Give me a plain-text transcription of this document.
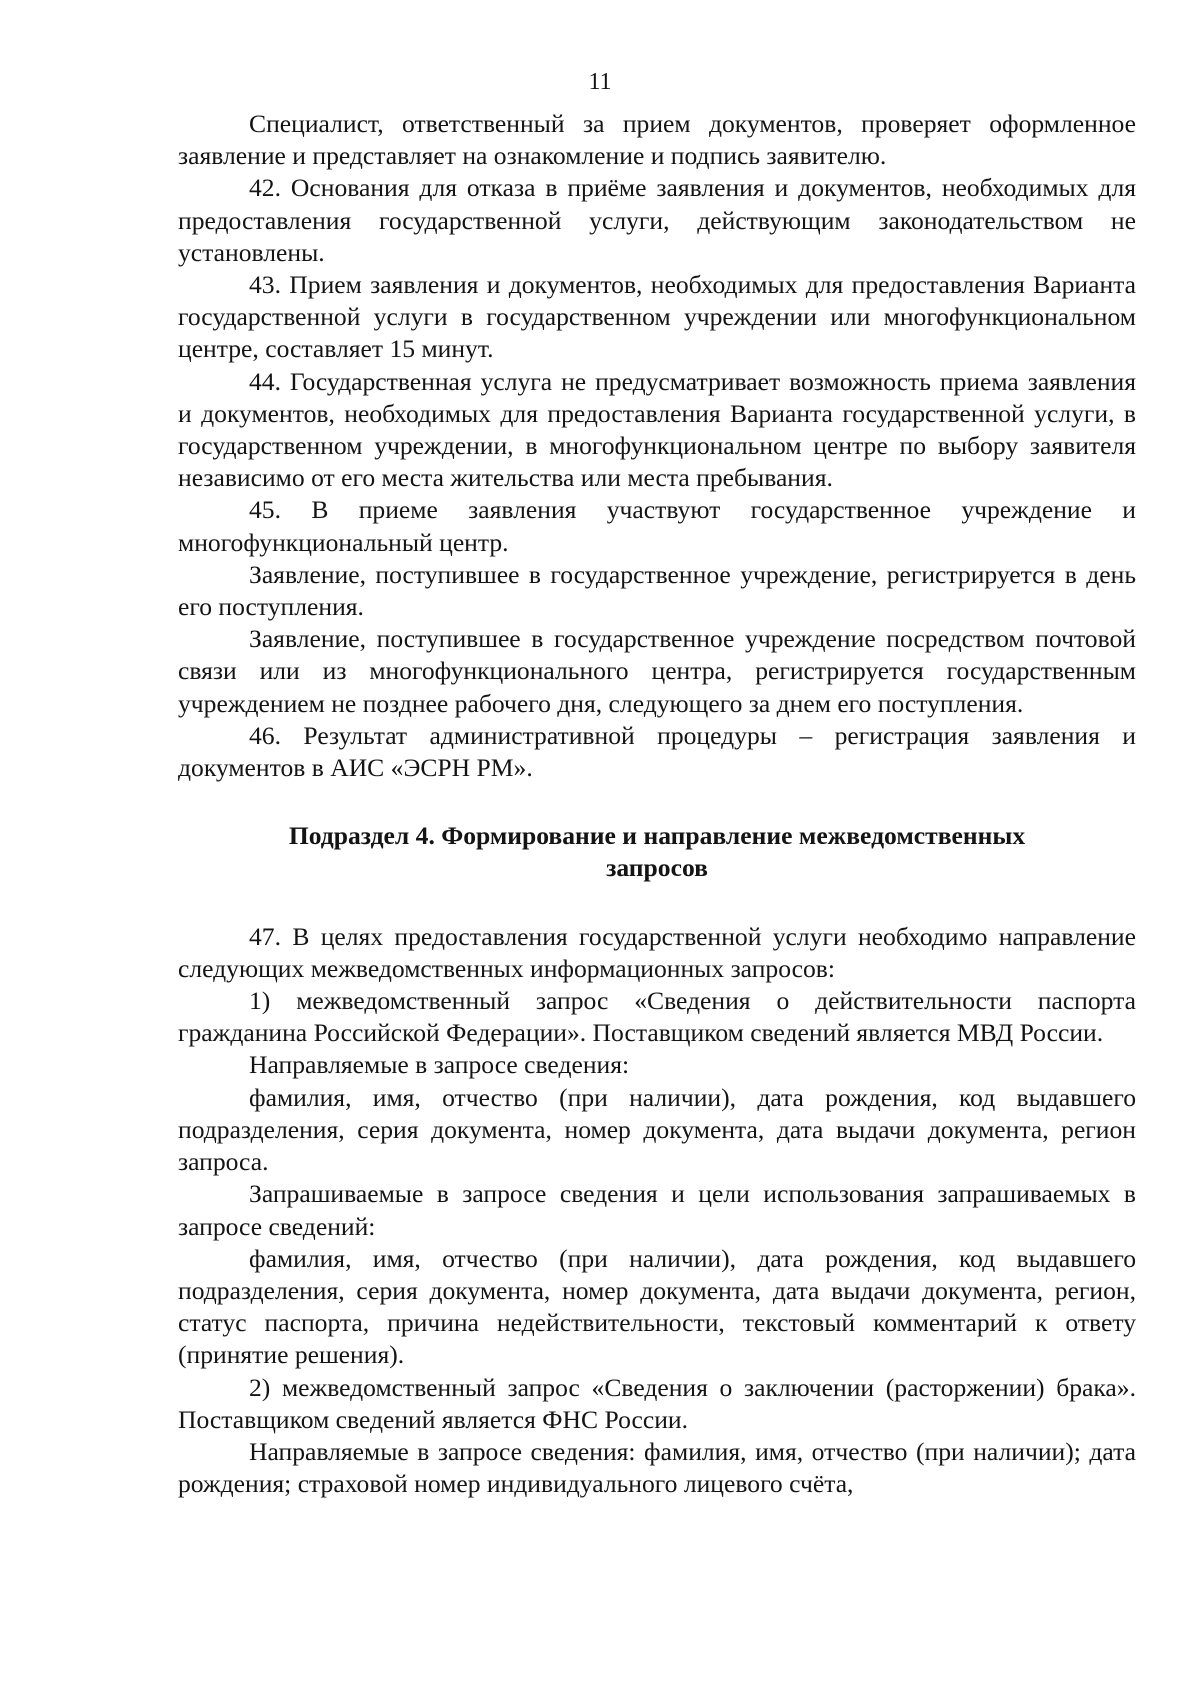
11

Специалист, ответственный за прием документов, проверяет оформленное заявление и представляет на ознакомление и подпись заявителю.

42. Основания для отказа в приёме заявления и документов, необходимых для предоставления государственной услуги, действующим законодательством не установлены.

43. Прием заявления и документов, необходимых для предоставления Варианта государственной услуги в государственном учреждении или многофункциональном центре, составляет 15 минут.

44. Государственная услуга не предусматривает возможность приема заявления и документов, необходимых для предоставления Варианта государственной услуги, в государственном учреждении, в многофункциональном центре по выбору заявителя независимо от его места жительства или места пребывания.

45. В приеме заявления участвуют государственное учреждение и многофункциональный центр.

Заявление, поступившее в государственное учреждение, регистрируется в день его поступления.

Заявление, поступившее в государственное учреждение посредством почтовой связи или из многофункционального центра, регистрируется государственным учреждением не позднее рабочего дня, следующего за днем его поступления.

46. Результат административной процедуры – регистрация заявления и документов в АИС «ЭСРН РМ».

Подраздел 4. Формирование и направление межведомственных
запросов

47. В целях предоставления государственной услуги необходимо направление следующих межведомственных информационных запросов:

1) межведомственный запрос «Сведения о действительности паспорта гражданина Российской Федерации». Поставщиком сведений является МВД России.

Направляемые в запросе сведения:

фамилия, имя, отчество (при наличии), дата рождения, код выдавшего подразделения, серия документа, номер документа, дата выдачи документа, регион запроса.

Запрашиваемые в запросе сведения и цели использования запрашиваемых в запросе сведений:

фамилия, имя, отчество (при наличии), дата рождения, код выдавшего подразделения, серия документа, номер документа, дата выдачи документа, регион, статус паспорта, причина недействительности, текстовый комментарий к ответу (принятие решения).

2) межведомственный запрос «Сведения о заключении (расторжении) брака». Поставщиком сведений является ФНС России.

Направляемые в запросе сведения: фамилия, имя, отчество (при наличии); дата рождения; страховой номер индивидуального лицевого счёта,
